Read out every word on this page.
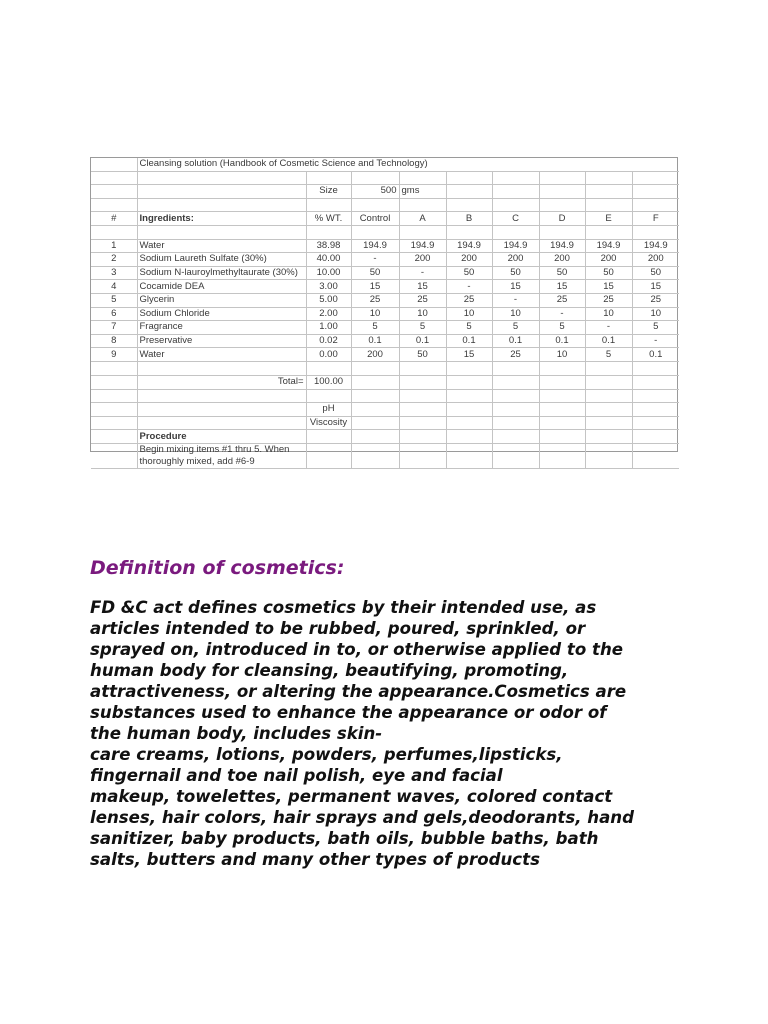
	Cleansing solution (Handbook of Cosmetic Science and Technology)								

		Size	500	gms					

#	Ingredients:	% WT.	Control	A	B	C	D	E	F

1	Water	38.98	194.9	194.9	194.9	194.9	194.9	194.9	194.9
2	Sodium Laureth Sulfate (30%)	40.00	-	200	200	200	200	200	200
3	Sodium N-lauroylmethyltaurate (30%)	10.00	50	-	50	50	50	50	50
4	Cocamide DEA	3.00	15	15	-	15	15	15	15
5	Glycerin	5.00	25	25	25	-	25	25	25
6	Sodium Chloride	2.00	10	10	10	10	-	10	10
7	Fragrance	1.00	5	5	5	5	5	-	5
8	Preservative	0.02	0.1	0.1	0.1	0.1	0.1	0.1	-
9	Water	0.00	200	50	15	25	10	5	0.1

	Total=	100.00							

		pH							
		Viscosity							
	Procedure								
	Begin mixing items #1 thru 5. When thoroughly mixed, add #6-9								
Definition of cosmetics:
FD &C act defines cosmetics by their intended use, as
articles intended to be rubbed, poured, sprinkled, or
sprayed on, introduced in to, or otherwise applied to the
human body for cleansing, beautifying, promoting,
attractiveness, or altering the appearance.Cosmetics are
substances used to enhance the appearance or odor of
the human body, includes skin-
care creams, lotions, powders, perfumes,lipsticks,
fingernail and toe nail polish, eye and facial
makeup, towelettes, permanent waves, colored contact
lenses, hair colors, hair sprays and gels,deodorants, hand
sanitizer, baby products, bath oils, bubble baths, bath
salts, butters and many other types of products
